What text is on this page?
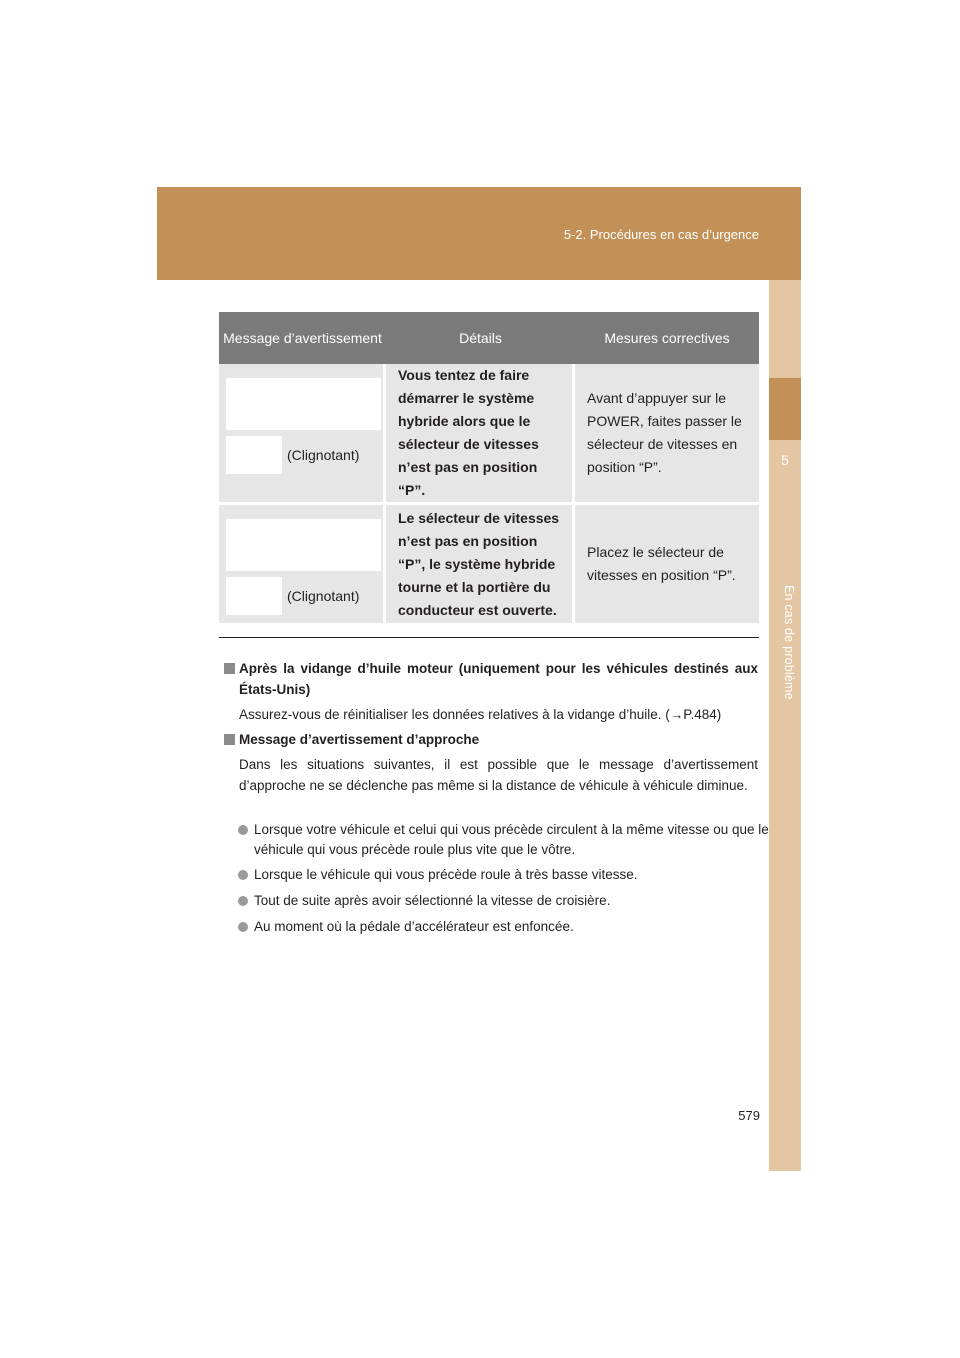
5-2. Procédures en cas d’urgence
5
En cas de problème
Message d’avertissement	Détails	Mesures correctives

(Clignotant)	Vous tentez de faire démarrer le système hybride alors que le sélecteur de vitesses n’est pas en position “P”.	Avant d’appuyer sur le POWER, faites passer le sélecteur de vitesses en position “P”.

(Clignotant)	Le sélecteur de vitesses n’est pas en position “P”, le système hybride tourne et la portière du conducteur est ouverte.	Placez le sélecteur de vitesses en position “P”.
Après la vidange d’huile moteur (uniquement pour les véhicules destinés aux États-Unis)
Assurez-vous de réinitialiser les données relatives à la vidange d’huile. (→P.484)
Message d’avertissement d’approche
Dans les situations suivantes, il est possible que le message d’avertissement d’approche ne se déclenche pas même si la distance de véhicule à véhicule diminue.
Lorsque votre véhicule et celui qui vous précède circulent à la même vitesse ou que le véhicule qui vous précède roule plus vite que le vôtre.
Lorsque le véhicule qui vous précède roule à très basse vitesse.
Tout de suite après avoir sélectionné la vitesse de croisière.
Au moment où la pédale d’accélérateur est enfoncée.
579
